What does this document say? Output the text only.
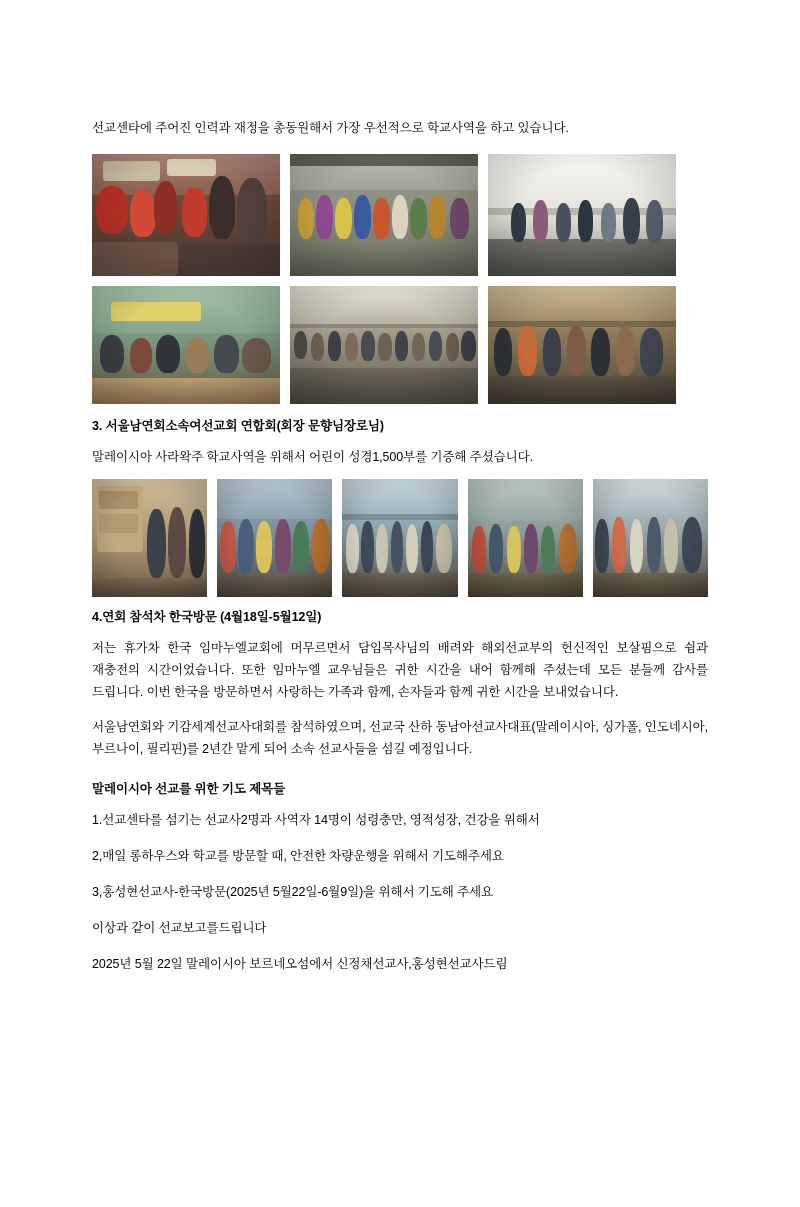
선교센타에 주어진 인력과 재정을 총동원해서 가장 우선적으로 학교사역을 하고 있습니다.

3. 서울남연회소속여선교회 연합회(회장 문향님장로님)

말레이시아 사라왁주 학교사역을 위해서 어린이 성경1,500부를 기증해 주셨습니다.

4.연회 참석차 한국방문 (4월18일-5월12일)

저는 휴가차 한국 임마누엘교회에 머무르면서 담임목사님의 배려와 해외선교부의 헌신적인 보살핌으로 쉼과 재충전의 시간이었습니다. 또한 임마누엘 교우님들은 귀한 시간을 내어 함께해 주셨는데 모든 분들께 감사를 드립니다. 이번 한국을 방문하면서 사랑하는 가족과 함께, 손자들과 함께 귀한 시간을 보내었습니다.

서울남연회와 기감세계선교사대회를 참석하였으며, 선교국 산하 동남아선교사대표(말레이시아, 싱가폴, 인도네시아, 부르나이, 필리핀)를 2년간 맡게 되어 소속 선교사들을 섬길 예정입니다.

말레이시아 선교를 위한 기도 제목들

1.선교센타를 섬기는 선교사2명과 사역자 14명이 성령충만, 영적성장, 건강을 위해서

2,매일 롱하우스와 학교를 방문할 때, 안전한 차량운행을 위해서 기도해주세요

3,홍성현선교사-한국방문(2025년 5월22일-6월9일)을 위해서 기도해 주세요

이상과 같이 선교보고를드립니다

2025년 5월 22일 말레이시아 보르네오섬에서 신정채선교사,홍성현선교사드림
